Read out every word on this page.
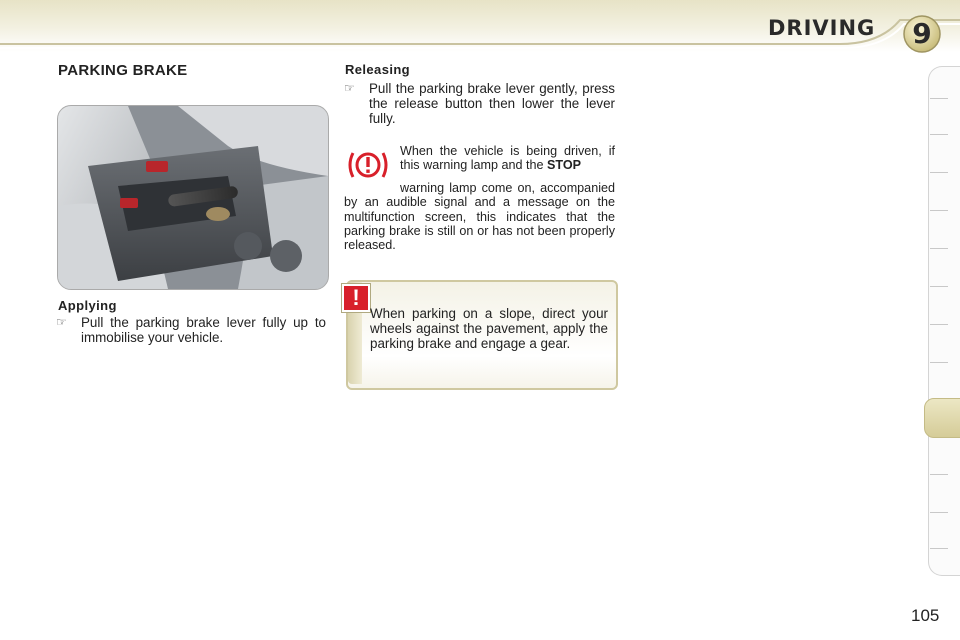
DRIVING	9
PARKING BRAKE
Applying
☞ Pull the parking brake lever fully up to immobilise your vehicle.
Releasing
☞ Pull the parking brake lever gently, press the release button then lower the lever fully.
When the vehicle is being driven, if this warning lamp and the STOP
warning lamp come on, accompanied by an audible signal and a message on the multifunction screen, this indicates that the parking brake is still on or has not been properly released.
!
When parking on a slope, direct your wheels against the pavement, apply the parking brake and engage a gear.
105
